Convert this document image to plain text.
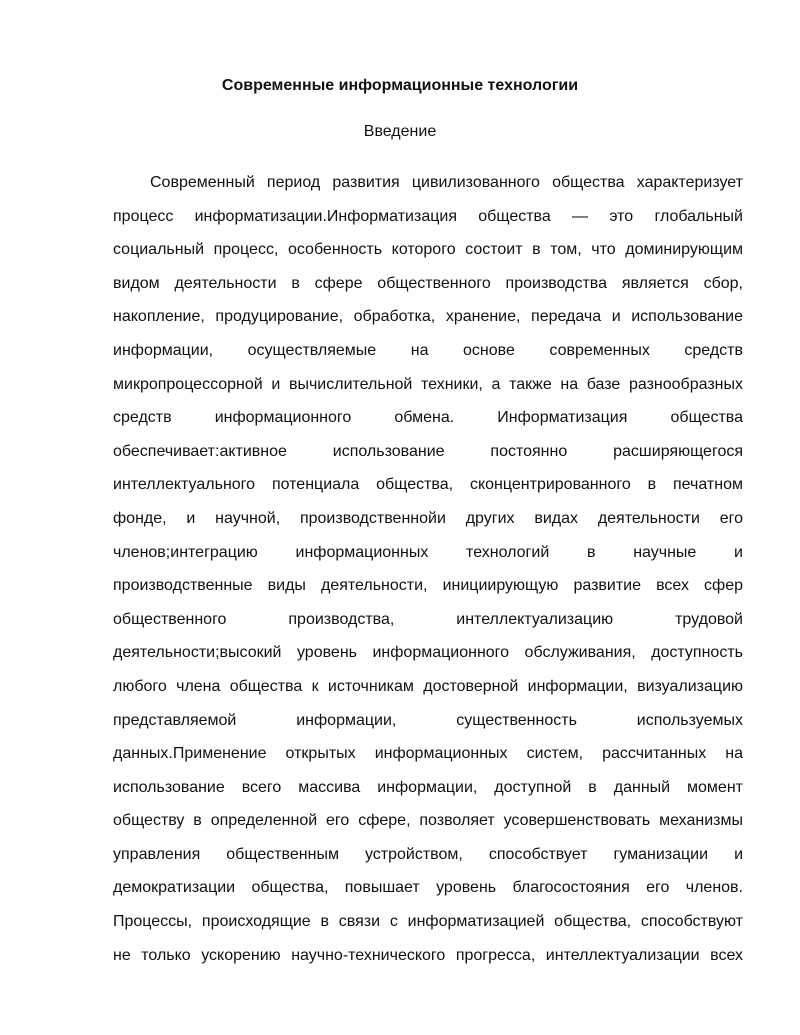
Современные информационные технологии
Введение
Современный период развития цивилизованного общества характеризует
процесс информатизации.Информатизация общества — это глобальный
социальный процесс, особенность которого состоит в том, что доминирующим
видом деятельности в сфере общественного производства является сбор,
накопление, продуцирование, обработка, хранение, передача и использование
информации, осуществляемые на основе современных средств
микропроцессорной и вычислительной техники, а также на базе разнообразных
средств информационного обмена. Информатизация общества
обеспечивает:активное использование постоянно расширяющегося
интеллектуального потенциала общества, сконцентрированного в печатном
фонде, и научной, производственнойи других видах деятельности его
членов;интеграцию информационных технологий в научные и
производственные виды деятельности, инициирующую развитие всех сфер
общественного производства, интеллектуализацию трудовой
деятельности;высокий уровень информационного обслуживания, доступность
любого члена общества к источникам достоверной информации, визуализацию
представляемой информации, существенность используемых
данных.Применение открытых информационных систем, рассчитанных на
использование всего массива информации, доступной в данный момент
обществу в определенной его сфере, позволяет усовершенствовать механизмы
управления общественным устройством, способствует гуманизации и
демократизации общества, повышает уровень благосостояния его членов.
Процессы, происходящие в связи с информатизацией общества, способствуют
не только ускорению научно-технического прогресса, интеллектуализации всех
